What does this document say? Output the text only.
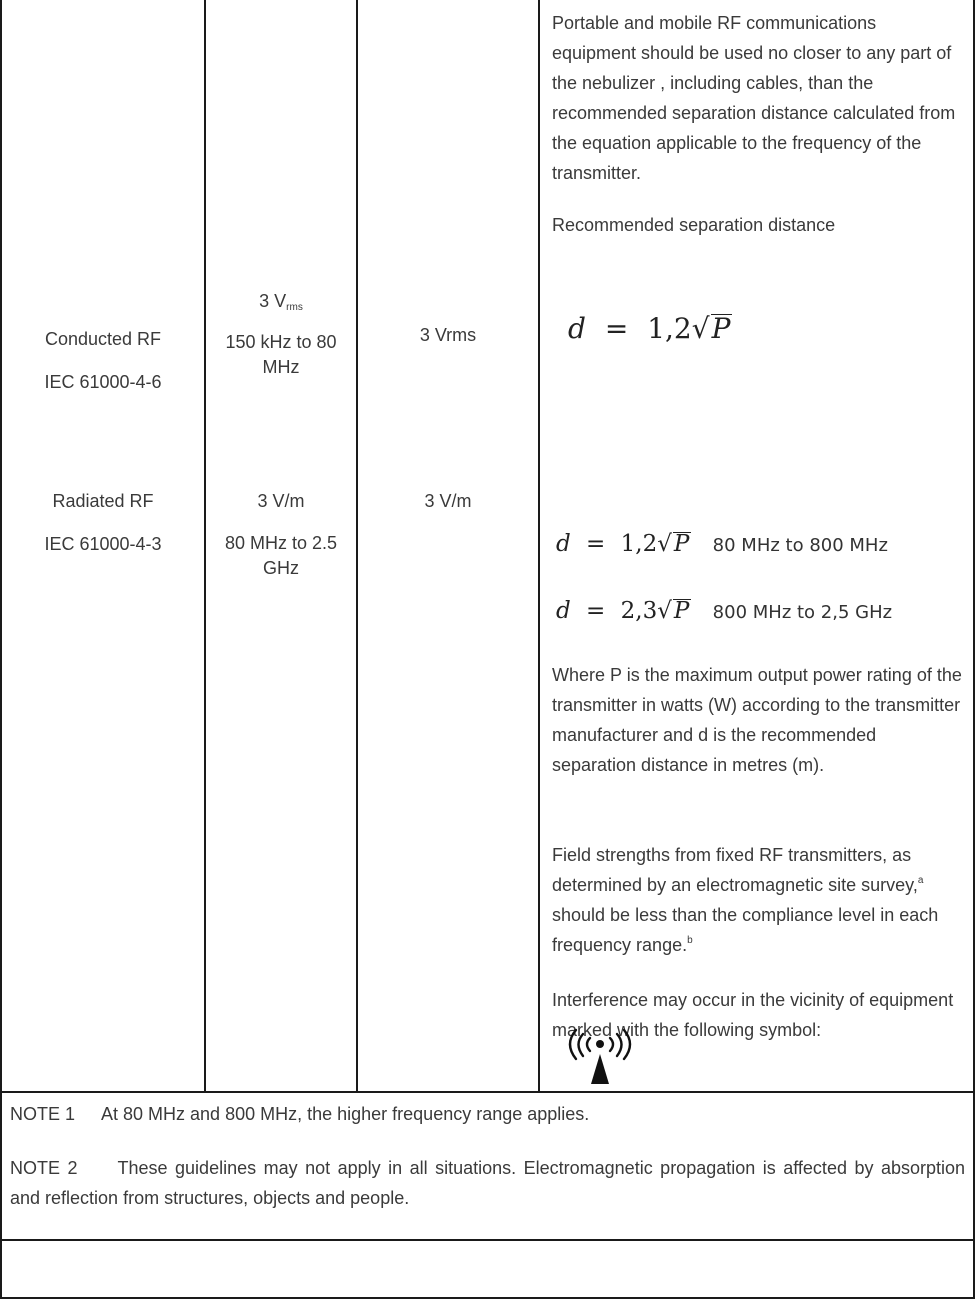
Conducted RF
IEC 61000-4-6
Radiated RF
IEC 61000-4-3
3 $V_{rms}$
150 kHz to 80 MHz
3 V/m
80 MHz to 2.5 GHz
3 Vrms
3 V/m
Portable and mobile RF communications equipment should be used no closer to any part of the nebulizer , including cables, than the recommended separation distance calculated from the equation applicable to the frequency of the transmitter.
Recommended separation distance
d = 1,2√P
d = 1,2√P 80 MHz to 800 MHz
d = 2,3√P 800 MHz to 2,5 GHz
Where P is the maximum output power rating of the transmitter in watts (W) according to the transmitter manufacturer and d is the recommended separation distance in metres (m).
Field strengths from fixed RF transmitters, as determined by an electromagnetic site survey,$^a$ should be less than the compliance level in each frequency range.$^b$
Interference may occur in the vicinity of equipment marked with the following symbol:
NOTE 1 At 80 MHz and 800 MHz, the higher frequency range applies.
NOTE 2 These guidelines may not apply in all situations. Electromagnetic propagation is affected by absorption and reflection from structures, objects and people.
